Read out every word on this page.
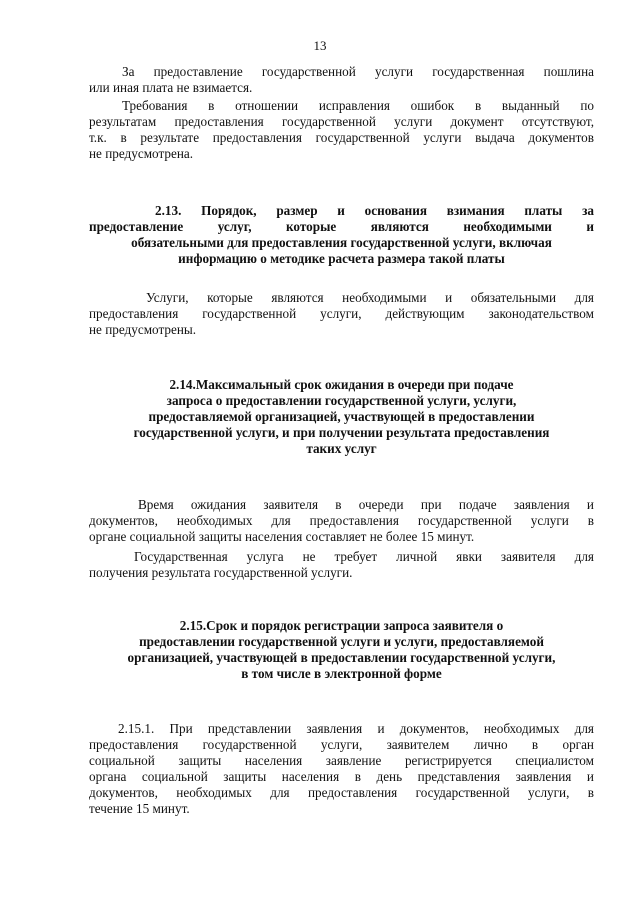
13
За предоставление государственной услуги государственная пошлина
или иная плата не взимается.
Требования в отношении исправления ошибок в выданный по
результатам предоставления государственной услуги документ отсутствуют,
т.к. в результате предоставления государственной услуги выдача документов
не предусмотрена.
2.13. Порядок, размер и основания взимания платы за
предоставление услуг, которые являются необходимыми и
обязательными для предоставления государственной услуги, включая
информацию о методике расчета размера такой платы
Услуги, которые являются необходимыми и обязательными для
предоставления государственной услуги, действующим законодательством
не предусмотрены.
2.14.Максимальный срок ожидания в очереди при подаче
запроса о предоставлении государственной услуги, услуги,
предоставляемой организацией, участвующей в предоставлении
государственной услуги, и при получении результата предоставления
таких услуг
Время ожидания заявителя в очереди при подаче заявления и
документов, необходимых для предоставления государственной услуги в
органе социальной защиты населения составляет не более 15 минут.
Государственная услуга не требует личной явки заявителя для
получения результата государственной услуги.
2.15.Срок и порядок регистрации запроса заявителя о
предоставлении государственной услуги и услуги, предоставляемой
организацией, участвующей в предоставлении государственной услуги,
в том числе в электронной форме
2.15.1. При представлении заявления и документов, необходимых для
предоставления государственной услуги, заявителем лично в орган
социальной защиты населения заявление регистрируется специалистом
органа социальной защиты населения в день представления заявления и
документов, необходимых для предоставления государственной услуги, в
течение 15 минут.
